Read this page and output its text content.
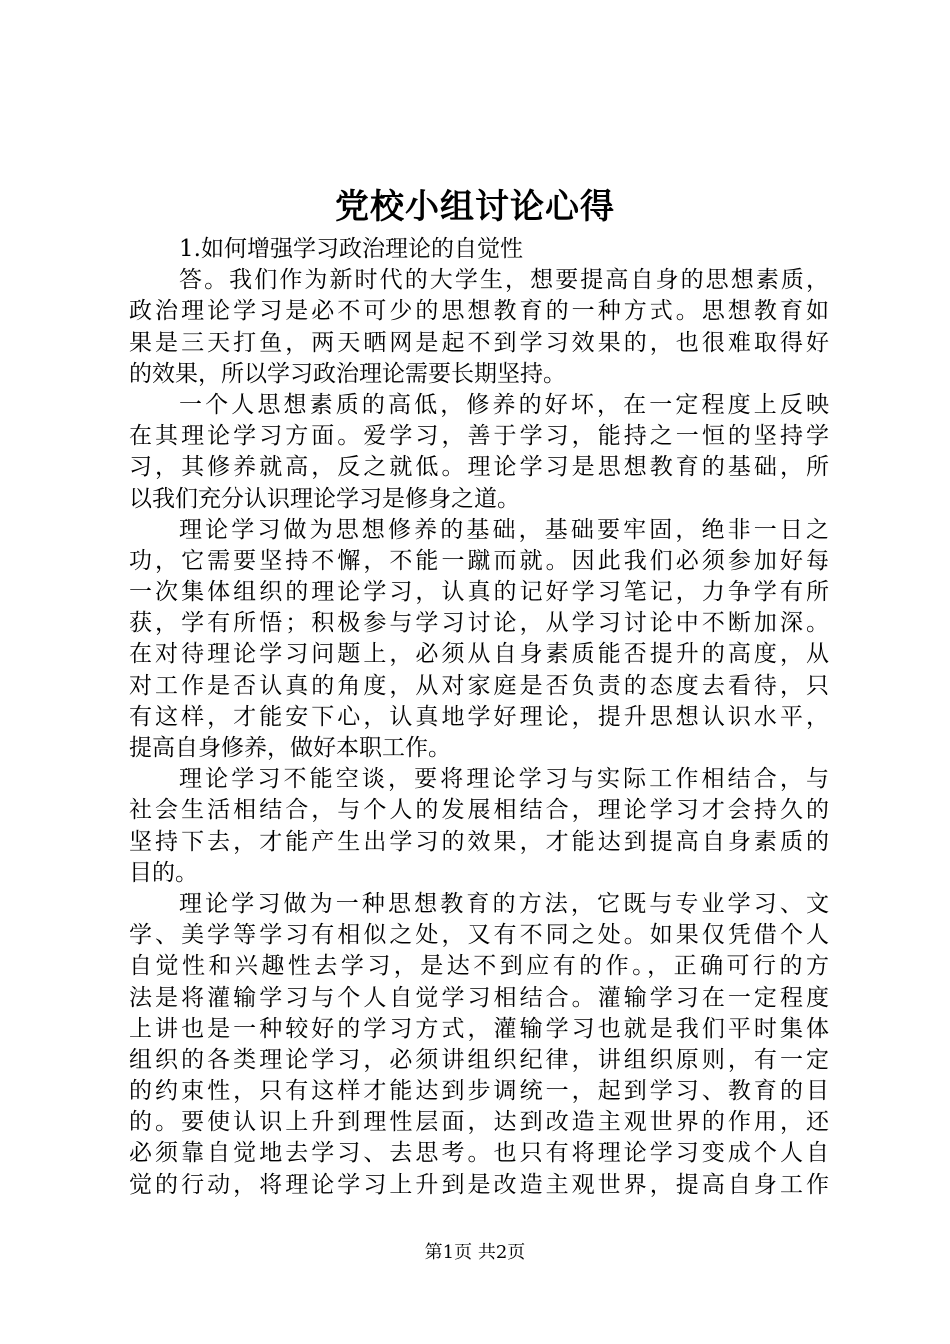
党校小组讨论心得
1.如何增强学习政治理论的自觉性
答。我们作为新时代的大学生，想要提高自身的思想素质，
政治理论学习是必不可少的思想教育的一种方式。思想教育如
果是三天打鱼，两天晒网是起不到学习效果的，也很难取得好
的效果，所以学习政治理论需要长期坚持。
一个人思想素质的高低，修养的好坏，在一定程度上反映
在其理论学习方面。爱学习，善于学习，能持之一恒的坚持学
习，其修养就高，反之就低。理论学习是思想教育的基础，所
以我们充分认识理论学习是修身之道。
理论学习做为思想修养的基础，基础要牢固，绝非一日之
功，它需要坚持不懈，不能一蹴而就。因此我们必须参加好每
一次集体组织的理论学习，认真的记好学习笔记，力争学有所
获，学有所悟；积极参与学习讨论，从学习讨论中不断加深。
在对待理论学习问题上，必须从自身素质能否提升的高度，从
对工作是否认真的角度，从对家庭是否负责的态度去看待，只
有这样，才能安下心，认真地学好理论，提升思想认识水平，
提高自身修养，做好本职工作。
理论学习不能空谈，要将理论学习与实际工作相结合，与
社会生活相结合，与个人的发展相结合，理论学习才会持久的
坚持下去，才能产生出学习的效果，才能达到提高自身素质的
目的。
理论学习做为一种思想教育的方法，它既与专业学习、文
学、美学等学习有相似之处，又有不同之处。如果仅凭借个人
自觉性和兴趣性去学习，是达不到应有的作。，正确可行的方
法是将灌输学习与个人自觉学习相结合。灌输学习在一定程度
上讲也是一种较好的学习方式，灌输学习也就是我们平时集体
组织的各类理论学习，必须讲组织纪律，讲组织原则，有一定
的约束性，只有这样才能达到步调统一，起到学习、教育的目
的。要使认识上升到理性层面，达到改造主观世界的作用，还
必须靠自觉地去学习、去思考。也只有将理论学习变成个人自
觉的行动，将理论学习上升到是改造主观世界，提高自身工作
第1页 共2页
